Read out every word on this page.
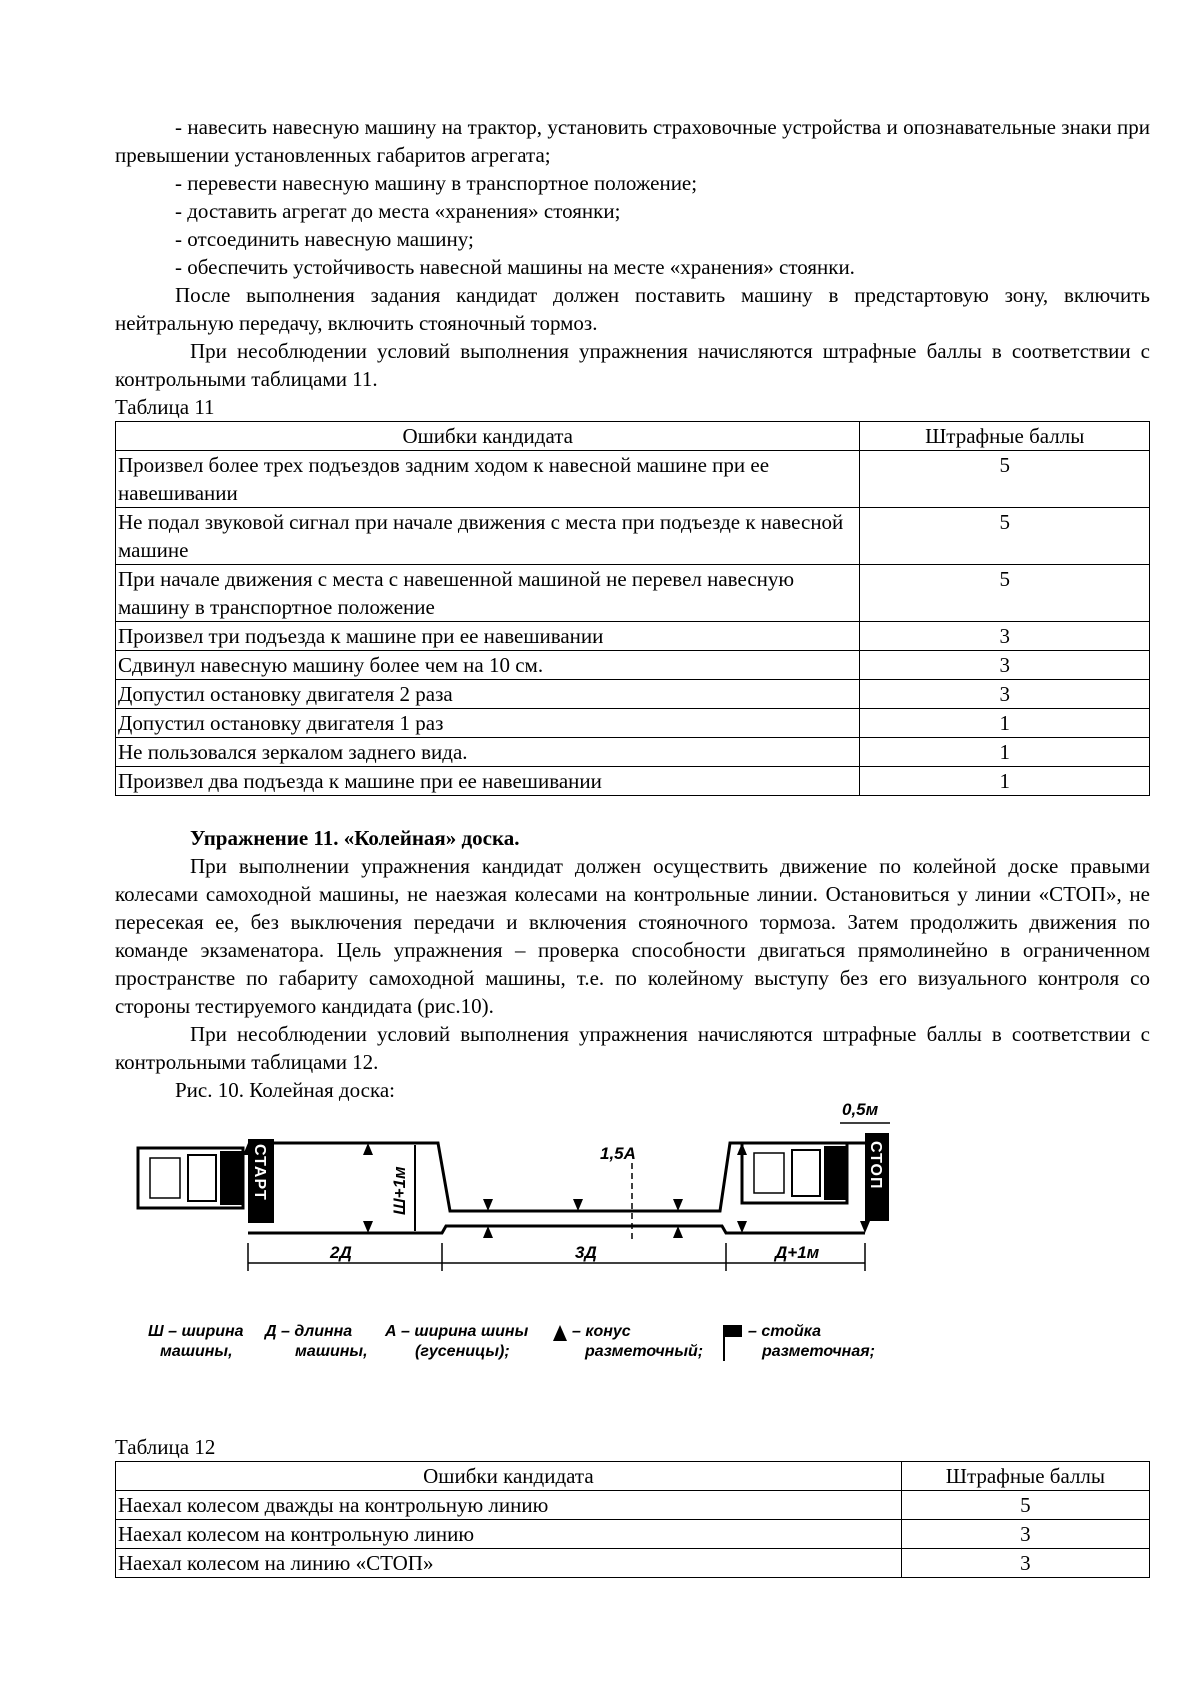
- навесить навесную машину на трактор, установить страховочные устройства и опознавательные знаки при превышении установленных габаритов агрегата;

- перевести навесную машину в транспортное положение;

- доставить агрегат до места «хранения» стоянки;

- отсоединить навесную машину;

- обеспечить устойчивость навесной машины на месте «хранения» стоянки.

После выполнения задания кандидат должен поставить машину в предстартовую зону, включить нейтральную передачу, включить стояночный тормоз.

При несоблюдении условий выполнения упражнения начисляются штрафные баллы в соответствии с контрольными таблицами 11.

Таблица 11
Ошибки кандидата	Штрафные баллы
Произвел более трех подъездов задним ходом к навесной машине при ее навешивании	5
Не подал звуковой сигнал при начале движения с места при подъезде к навесной машине	5
При начале движения с места с навешенной машиной не перевел навесную машину в транспортное положение	5
Произвел три подъезда к машине при ее навешивании	3
Сдвинул навесную машину более чем на 10 см.	3
Допустил остановку двигателя 2 раза	3
Допустил остановку двигателя 1 раз	1
Не пользовался зеркалом заднего вида.	1
Произвел два подъезда к машине при ее навешивании	1

Упражнение 11. «Колейная» доска.

При выполнении упражнения кандидат должен осуществить движение по колейной доске правыми колесами самоходной машины, не наезжая колесами на контрольные линии. Остановиться у линии «СТОП», не пересекая ее, без выключения передачи и включения стояночного тормоза. Затем продолжить движения по команде экзаменатора. Цель упражнения – проверка способности двигаться прямолинейно в ограниченном пространстве по габариту самоходной машины, т.е. по колейному выступу без его визуального контроля со стороны тестируемого кандидата (рис.10).

При несоблюдении условий выполнения упражнения начисляются штрафные баллы в соответствии с контрольными таблицами 12.

Рис. 10. Колейная доска:

СТАРТ	СТОП
Ш+1м
1,5А
0,5м
2Д	3Д	Д+1м
Ш – ширина
машины,
Д – длинна
машины,
А – ширина шины
(гусеницы);
– конус
разметочный;
– стойка
разметочная;
Таблица 12
Ошибки кандидата	Штрафные баллы
Наехал колесом дважды на контрольную линию	5
Наехал колесом на контрольную линию	3
Наехал колесом на линию «СТОП»	3
